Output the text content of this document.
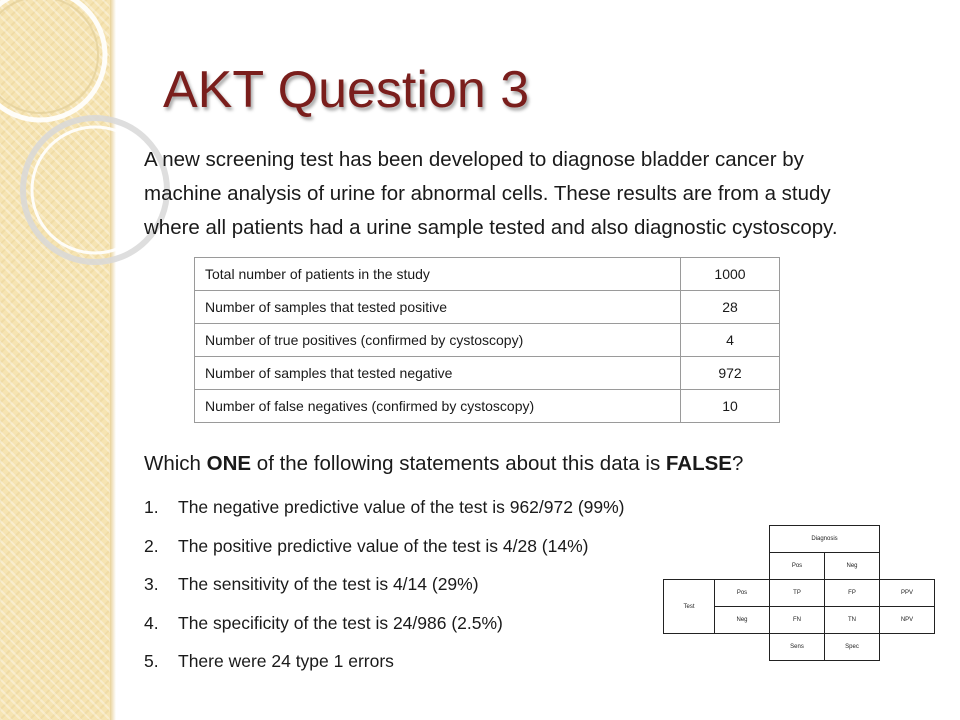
AKT Question 3

A new screening test has been developed to diagnose bladder cancer by machine analysis of urine for abnormal cells. These results are from a study where all patients had a urine sample tested and also diagnostic cystoscopy.

Total number of patients in the study	1000
Number of samples that tested positive	28
Number of true positives (confirmed by cystoscopy)	4
Number of samples that tested negative	972
Number of false negatives (confirmed by cystoscopy)	10

Which ONE of the following statements about this data is FALSE?

1.	The negative predictive value of the test is 962/972 (99%)
2.	The positive predictive value of the test is 4/28 (14%)
3.	The sensitivity of the test is 4/14 (29%)
4.	The specificity of the test is 24/986 (2.5%)
5.	There were 24 type 1 errors
		Diagnosis		
		Pos	Neg	
Test	Pos	TP	FP	PPV
	Neg	FN	TN	NPV
		Sens	Spec	
